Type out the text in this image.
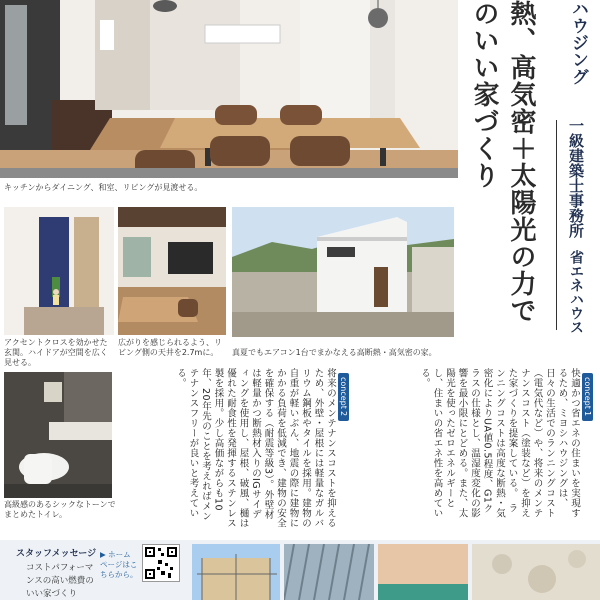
キッチンからダイニング、和室、リビングが見渡せる。	熱、高気密＋太陽光の力で
のいい家づくり	ハウジング
一級建築士事務所
省エネハウス
アクセントクロスを効かせた玄関。ハイドアが空間を広く見せる。
広がりを感じられるよう、リビング側の天井を2.7mに。	真夏でもエアコン1台でまかなえる高断熱・高気密の家。
高級感のあるシックなトーンでまとめたトイレ。
concept 1
快適かつ省エネの住まいを実現するため、ミヨシハウジングは、日々の生活でのランニングコスト（電気代など）や、将来のメンテナンスコスト（塗装など）を抑えた家づくりを提案している。　ランニングコストは高度な断熱・気密化によりUA値0.5程度、G1クラスの仕様とし、温湿度変化の影響を最小限にとどめる。また、太陽光を使ったゼロエネルギーとし、住まいの省エネ性を高めている。
concept 2
将来のメンテナンスコストを抑えるため、外壁・屋根には軽量なガルバリウム鋼板やタイルを採用。建物の自重が軽いぶん、地震の際に建物にかかる負荷を低減でき、建物の安全を確保する（耐震等級3）。外壁材は軽量かつ断熱材入りのIGサイディングを使用し、屋根、破風、樋は優れた耐食性を発揮するステンレス製を採用。少し高価ながらも10年、20年先のことを考えればメンテナンスフリーが良いと考えている。
スタッフメッセージ
コストパフォーマンスの高い燃費のいい家づくり
▶ ホームページはこちらから。
